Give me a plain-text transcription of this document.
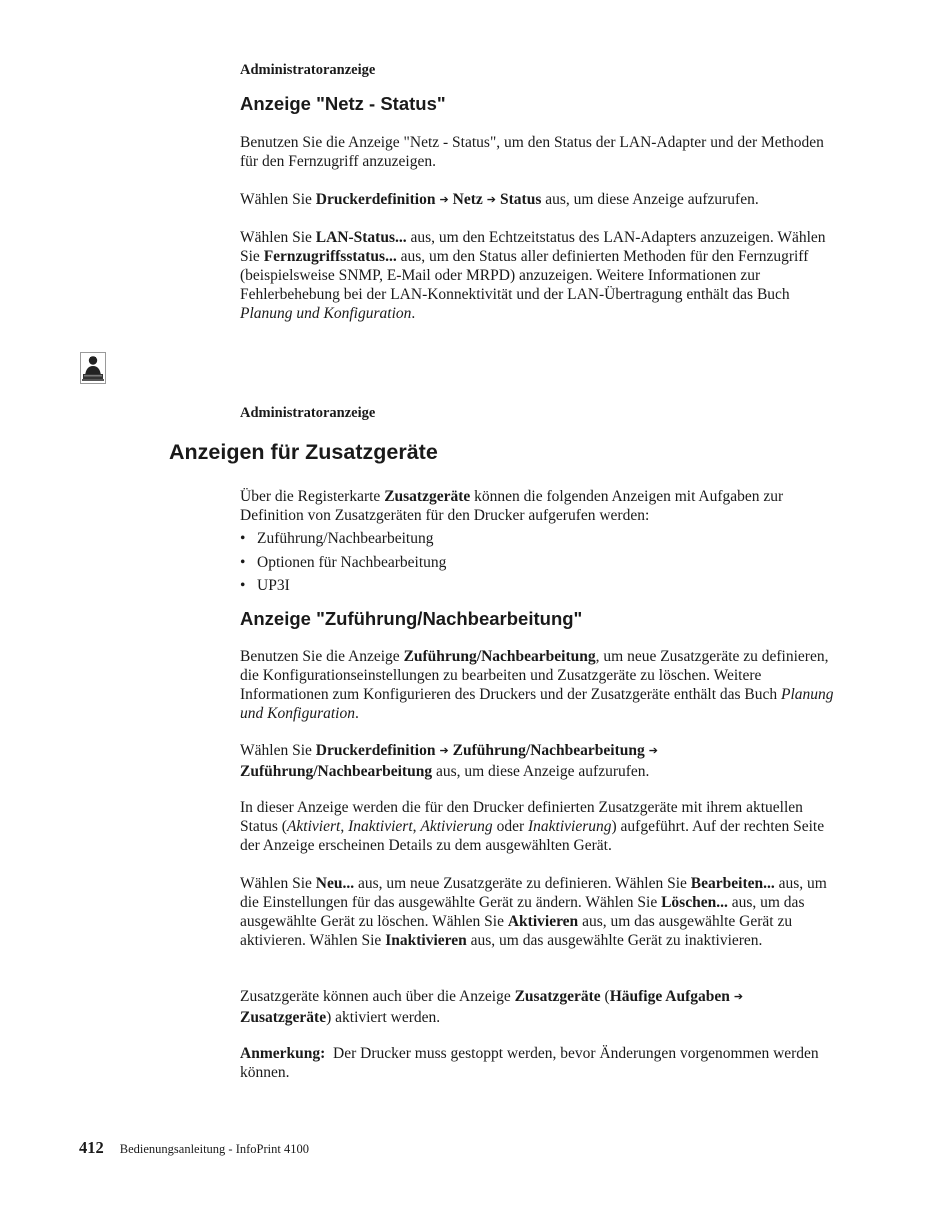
Administratoranzeige
Anzeige "Netz - Status"
Benutzen Sie die Anzeige "Netz - Status", um den Status der LAN-Adapter und der Methoden für den Fernzugriff anzuzeigen.
Wählen Sie Druckerdefinition ➔ Netz ➔ Status aus, um diese Anzeige aufzurufen.
Wählen Sie LAN-Status... aus, um den Echtzeitstatus des LAN-Adapters anzuzeigen. Wählen Sie Fernzugriffsstatus... aus, um den Status aller definierten Methoden für den Fernzugriff (beispielsweise SNMP, E-Mail oder MRPD) anzuzeigen. Weitere Informationen zur Fehlerbehebung bei der LAN-Konnektivität und der LAN-Übertragung enthält das Buch Planung und Konfiguration.
Administratoranzeige
Anzeigen für Zusatzgeräte
Über die Registerkarte Zusatzgeräte können die folgenden Anzeigen mit Aufgaben zur Definition von Zusatzgeräten für den Drucker aufgerufen werden:
• Zuführung/Nachbearbeitung
• Optionen für Nachbearbeitung
• UP3I
Anzeige "Zuführung/Nachbearbeitung"
Benutzen Sie die Anzeige Zuführung/Nachbearbeitung, um neue Zusatzgeräte zu definieren, die Konfigurationseinstellungen zu bearbeiten und Zusatzgeräte zu löschen. Weitere Informationen zum Konfigurieren des Druckers und der Zusatzgeräte enthält das Buch Planung und Konfiguration.
Wählen Sie Druckerdefinition ➔ Zuführung/Nachbearbeitung ➔
Zuführung/Nachbearbeitung aus, um diese Anzeige aufzurufen.
In dieser Anzeige werden die für den Drucker definierten Zusatzgeräte mit ihrem aktuellen Status (Aktiviert, Inaktiviert, Aktivierung oder Inaktivierung) aufgeführt. Auf der rechten Seite der Anzeige erscheinen Details zu dem ausgewählten Gerät.
Wählen Sie Neu... aus, um neue Zusatzgeräte zu definieren. Wählen Sie Bearbeiten... aus, um die Einstellungen für das ausgewählte Gerät zu ändern. Wählen Sie Löschen... aus, um das ausgewählte Gerät zu löschen. Wählen Sie Aktivieren aus, um das ausgewählte Gerät zu aktivieren. Wählen Sie Inaktivieren aus, um das ausgewählte Gerät zu inaktivieren.
Zusatzgeräte können auch über die Anzeige Zusatzgeräte (Häufige Aufgaben ➔
Zusatzgeräte) aktiviert werden.
Anmerkung: Der Drucker muss gestoppt werden, bevor Änderungen vorgenommen werden können.
412 Bedienungsanleitung - InfoPrint 4100
